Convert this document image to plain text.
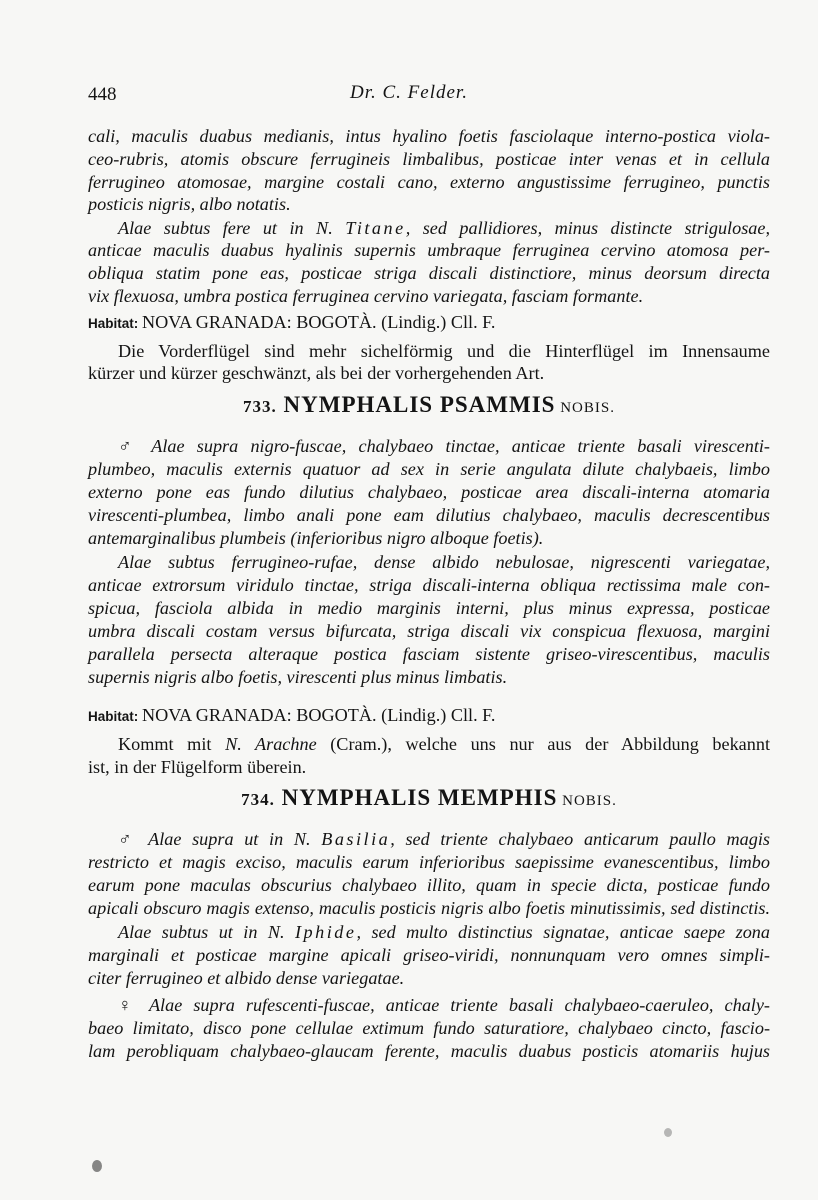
448	Dr. C. Felder.
cali, maculis duabus medianis, intus hyalino foetis fasciolaque interno-postica viola-
ceo-rubris, atomis obscure ferrugineis limbalibus, posticae inter venas et in cellula
ferrugineo atomosae, margine costali cano, externo angustissime ferrugineo, punctis
posticis nigris, albo notatis.
Alae subtus fere ut in N. Titane, sed pallidiores, minus distincte strigulosae,
anticae maculis duabus hyalinis supernis umbraque ferruginea cervino atomosa per-
obliqua statim pone eas, posticae striga discali distinctiore, minus deorsum directa
vix flexuosa, umbra postica ferruginea cervino variegata, fasciam formante.
Habitat: NOVA GRANADA: BOGOTÀ. (Lindig.) Cll. F.
Die Vorderflügel sind mehr sichelförmig und die Hinterflügel im Innensaume
kürzer und kürzer geschwänzt, als bei der vorhergehenden Art.
733. NYMPHALIS PSAMMIS NOBIS.
♂ Alae supra nigro-fuscae, chalybaeo tinctae, anticae triente basali virescenti-
plumbeo, maculis externis quatuor ad sex in serie angulata dilute chalybaeis, limbo
externo pone eas fundo dilutius chalybaeo, posticae area discali-interna atomaria
virescenti-plumbea, limbo anali pone eam dilutius chalybaeo, maculis decrescentibus
antemarginalibus plumbeis (inferioribus nigro alboque foetis).
Alae subtus ferrugineo-rufae, dense albido nebulosae, nigrescenti variegatae,
anticae extrorsum viridulo tinctae, striga discali-interna obliqua rectissima male con-
spicua, fasciola albida in medio marginis interni, plus minus expressa, posticae
umbra discali costam versus bifurcata, striga discali vix conspicua flexuosa, margini
parallela persecta alteraque postica fasciam sistente griseo-virescentibus, maculis
supernis nigris albo foetis, virescenti plus minus limbatis.
Habitat: NOVA GRANADA: BOGOTÀ. (Lindig.) Cll. F.
Kommt mit N. Arachne (Cram.), welche uns nur aus der Abbildung bekannt
ist, in der Flügelform überein.
734. NYMPHALIS MEMPHIS NOBIS.
♂ Alae supra ut in N. Basilia, sed triente chalybaeo anticarum paullo magis
restricto et magis exciso, maculis earum inferioribus saepissime evanescentibus, limbo
earum pone maculas obscurius chalybaeo illito, quam in specie dicta, posticae fundo
apicali obscuro magis extenso, maculis posticis nigris albo foetis minutissimis, sed distinctis.
Alae subtus ut in N. Iphide, sed multo distinctius signatae, anticae saepe zona
marginali et posticae margine apicali griseo-viridi, nonnunquam vero omnes simpli-
citer ferrugineo et albido dense variegatae.
♀ Alae supra rufescenti-fuscae, anticae triente basali chalybaeo-caeruleo, chaly-
baeo limitato, disco pone cellulae extimum fundo saturatiore, chalybaeo cincto, fascio-
lam perobliquam chalybaeo-glaucam ferente, maculis duabus posticis atomariis hujus
